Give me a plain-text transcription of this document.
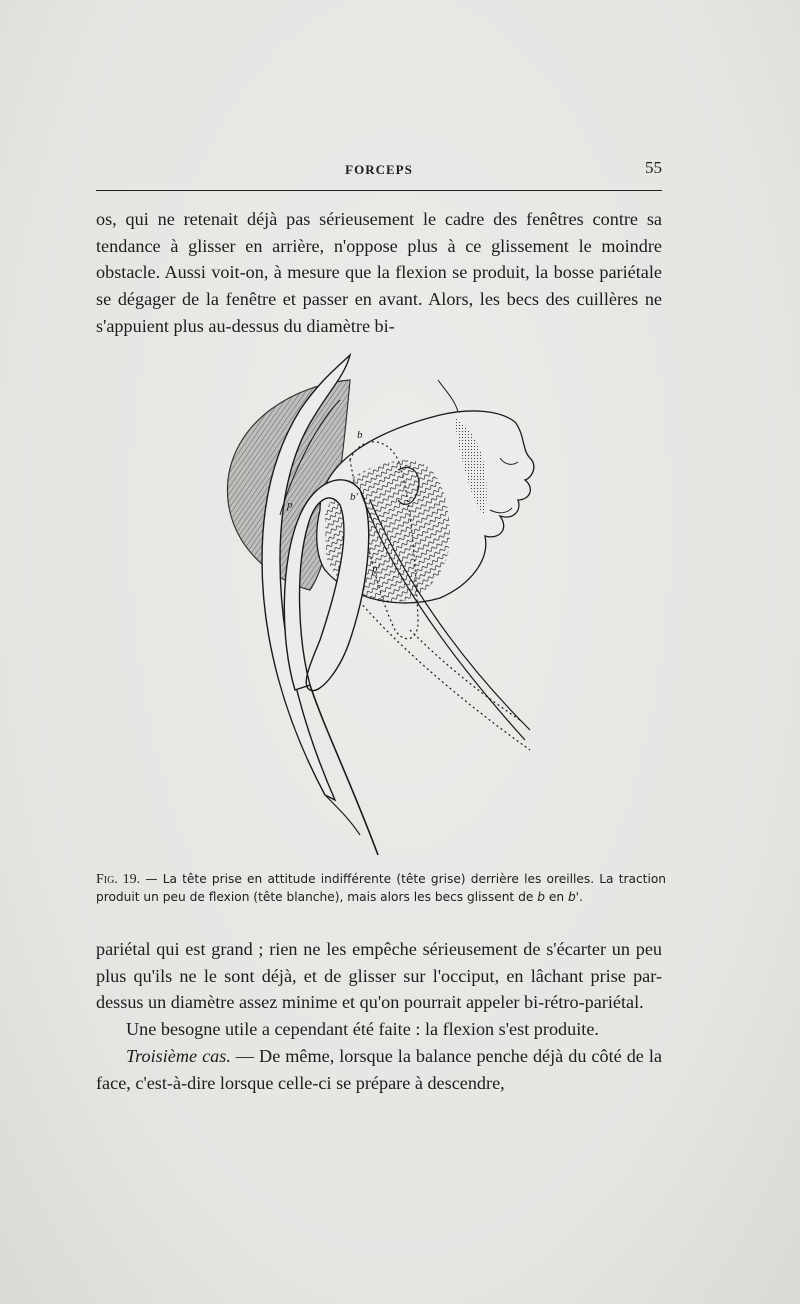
FORCEPS	55

os, qui ne retenait déjà pas sérieusement le cadre des fenêtres contre sa tendance à glisser en arrière, n'oppose plus à ce glissement le moindre obstacle. Aussi voit-on, à mesure que la flexion se produit, la bosse pariétale se dégager de la fenêtre et passer en avant. Alors, les becs des cuillères ne s'appuient plus au-dessus du diamètre bi-

b
b'
p
p'
Fig. 19. — La tête prise en attitude indifférente (tête grise) derrière les oreilles. La traction produit un peu de flexion (tête blanche), mais alors les becs glissent de b en b'.

pariétal qui est grand ; rien ne les empêche sérieusement de s'écarter un peu plus qu'ils ne le sont déjà, et de glisser sur l'occiput, en lâchant prise par-dessus un diamètre assez minime et qu'on pourrait appeler bi-rétro-pariétal.

Une besogne utile a cependant été faite : la flexion s'est produite.

Troisième cas. — De même, lorsque la balance penche déjà du côté de la face, c'est-à-dire lorsque celle-ci se prépare à descendre,
